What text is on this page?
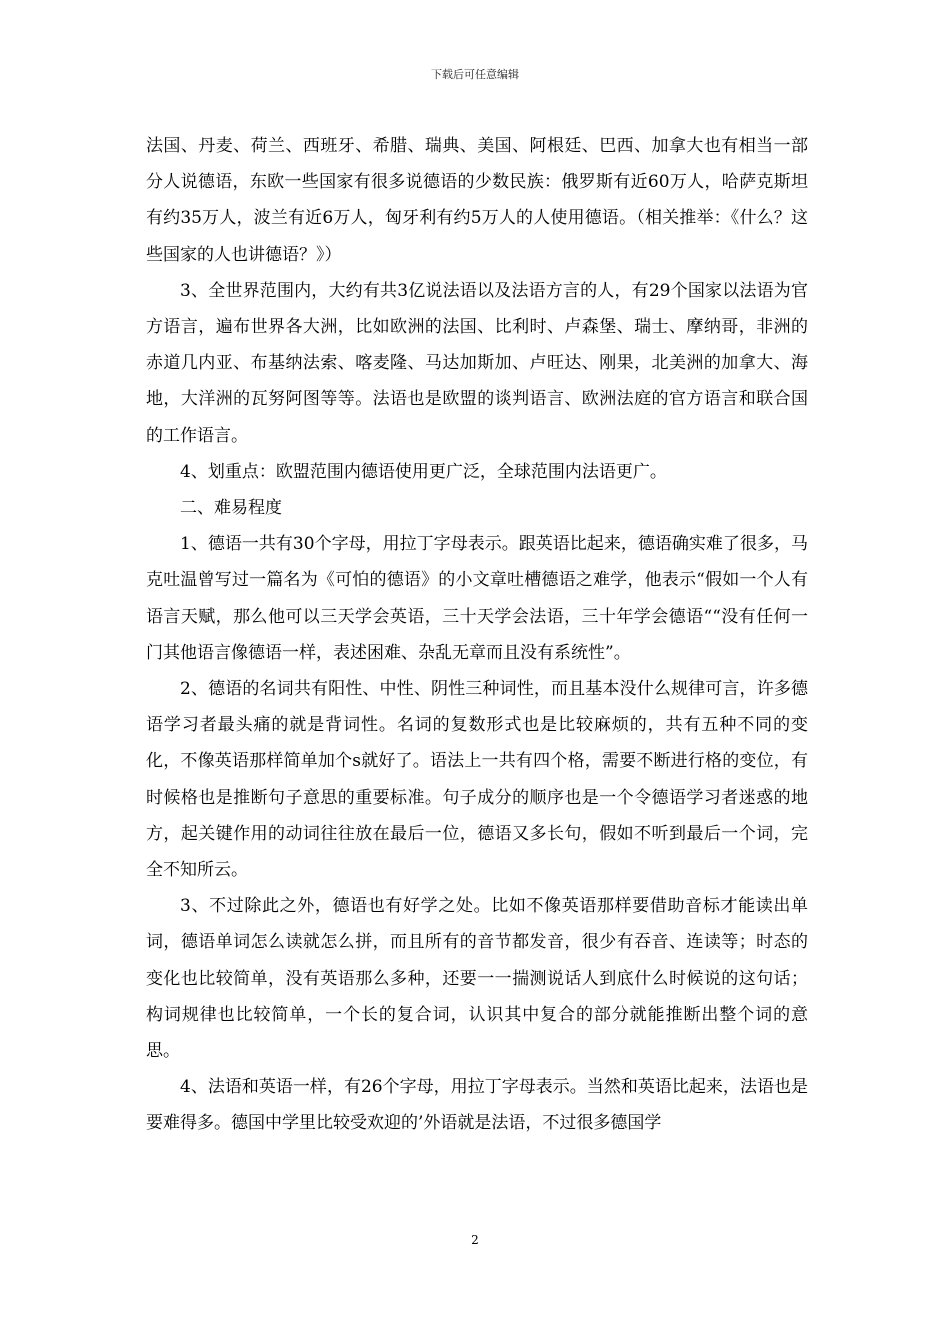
下载后可任意编辑

法国、丹麦、荷兰、西班牙、希腊、瑞典、美国、阿根廷、巴西、加拿大也有相当一部分人说德语，东欧一些国家有很多说德语的少数民族：俄罗斯有近60万人，哈萨克斯坦有约35万人，波兰有近6万人，匈牙利有约5万人的人使用德语。（相关推举：《什么？这些国家的人也讲德语？》）

3、全世界范围内，大约有共3亿说法语以及法语方言的人，有29个国家以法语为官方语言，遍布世界各大洲，比如欧洲的法国、比利时、卢森堡、瑞士、摩纳哥，非洲的赤道几内亚、布基纳法索、喀麦隆、马达加斯加、卢旺达、刚果，北美洲的加拿大、海地，大洋洲的瓦努阿图等等。法语也是欧盟的谈判语言、欧洲法庭的官方语言和联合国的工作语言。

4、划重点：欧盟范围内德语使用更广泛，全球范围内法语更广。

二、难易程度

1、德语一共有30个字母，用拉丁字母表示。跟英语比起来，德语确实难了很多，马克吐温曾写过一篇名为《可怕的德语》的小文章吐槽德语之难学，他表示“假如一个人有语言天赋，那么他可以三天学会英语，三十天学会法语，三十年学会德语““没有任何一门其他语言像德语一样，表述困难、杂乱无章而且没有系统性”。

2、德语的名词共有阳性、中性、阴性三种词性，而且基本没什么规律可言，许多德语学习者最头痛的就是背词性。名词的复数形式也是比较麻烦的，共有五种不同的变化，不像英语那样简单加个s就好了。语法上一共有四个格，需要不断进行格的变位，有时候格也是推断句子意思的重要标准。句子成分的顺序也是一个令德语学习者迷惑的地方，起关键作用的动词往往放在最后一位，德语又多长句，假如不听到最后一个词，完全不知所云。

3、不过除此之外，德语也有好学之处。比如不像英语那样要借助音标才能读出单词，德语单词怎么读就怎么拼，而且所有的音节都发音，很少有吞音、连读等；时态的变化也比较简单，没有英语那么多种，还要一一揣测说话人到底什么时候说的这句话；构词规律也比较简单，一个长的复合词，认识其中复合的部分就能推断出整个词的意思。

4、法语和英语一样，有26个字母，用拉丁字母表示。当然和英语比起来，法语也是要难得多。德国中学里比较受欢迎的’外语就是法语，不过很多德国学

2
